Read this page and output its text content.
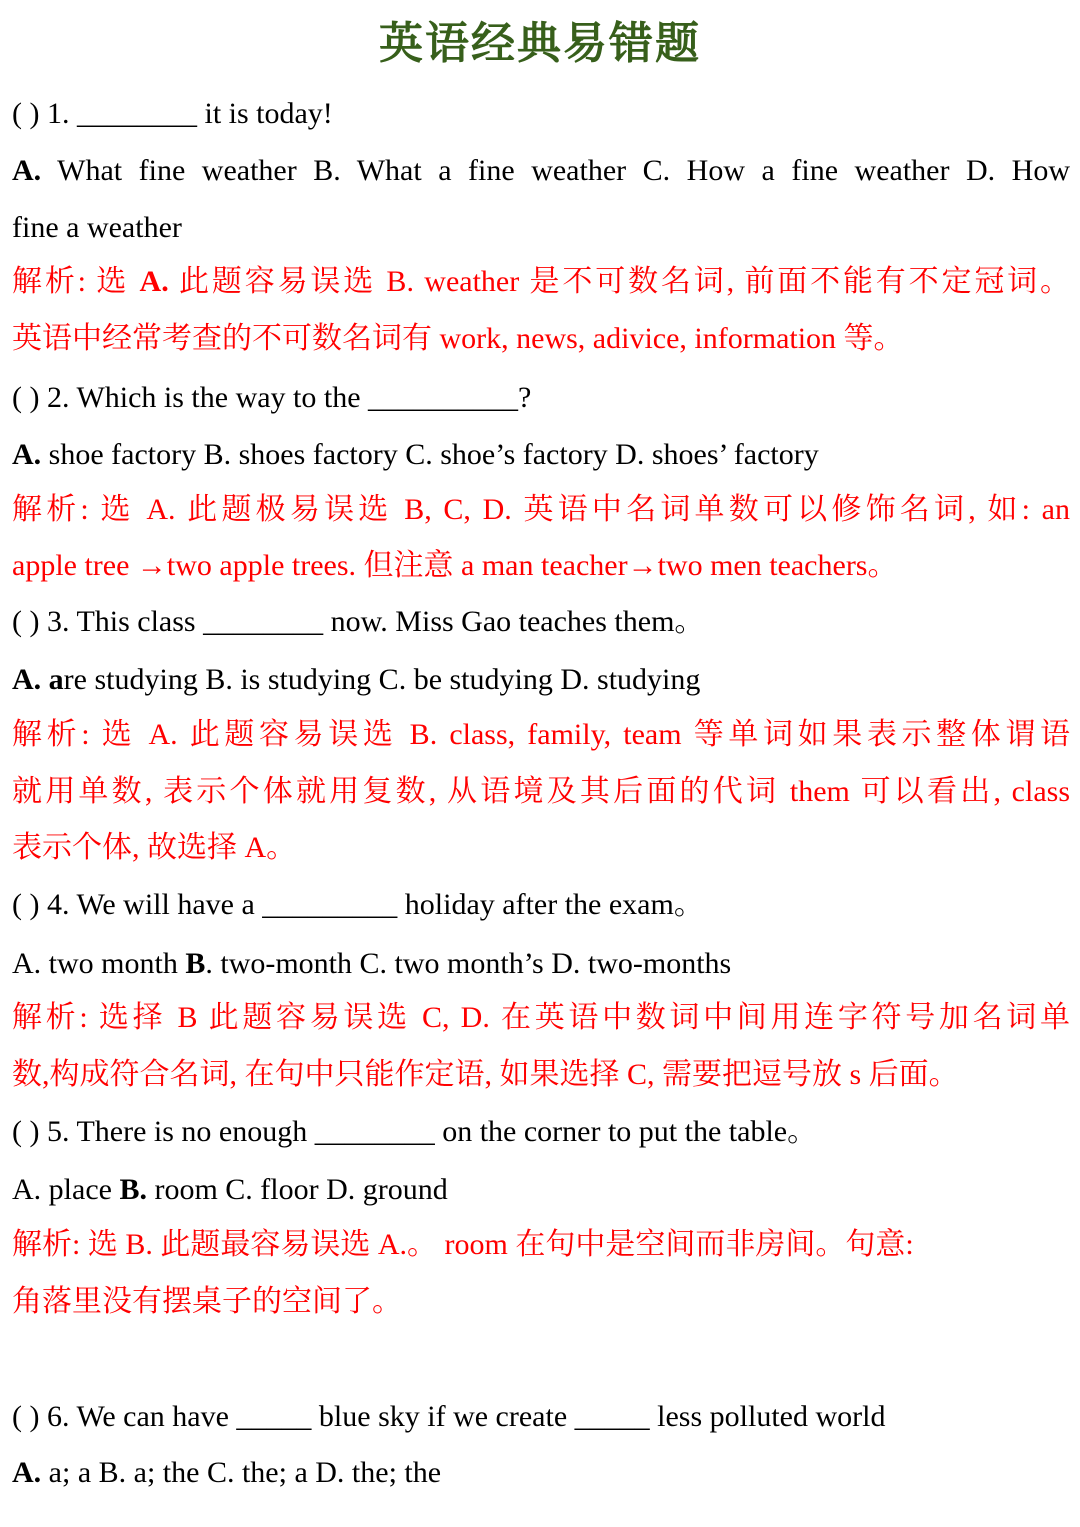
英语经典易错题
( ) 1. ________ it is today!
A. What fine weather B. What a fine weather C. How a fine weather D. How
fine a weather
解析: 选 A. 此题容易误选 B. weather 是不可数名词, 前面不能有不定冠词。
英语中经常考查的不可数名词有 work, news, adivice, information 等。
( ) 2. Which is the way to the __________?
A. shoe factory B. shoes factory C. shoe’s factory D. shoes’ factory
解析: 选 A. 此题极易误选 B, C, D. 英语中名词单数可以修饰名词, 如: an
apple tree →two apple trees. 但注意 a man teacher→two men teachers。
( ) 3. This class ________ now. Miss Gao teaches them。
A. are studying B. is studying C. be studying D. studying
解析: 选 A. 此题容易误选 B. class, family, team 等单词如果表示整体谓语
就用单数, 表示个体就用复数, 从语境及其后面的代词 them 可以看出, class
表示个体, 故选择 A。
( ) 4. We will have a _________ holiday after the exam。
A. two month B. two-month C. two month’s D. two-months
解析: 选择 B 此题容易误选 C, D. 在英语中数词中间用连字符号加名词单
数,构成符合名词, 在句中只能作定语, 如果选择 C, 需要把逗号放 s 后面。
( ) 5. There is no enough ________ on the corner to put the table。
A. place B. room C. floor D. ground
解析: 选 B. 此题最容易误选 A.。 room 在句中是空间而非房间。句意:
角落里没有摆桌子的空间了。
( ) 6. We can have _____ blue sky if we create _____ less polluted world
A. a; a B. a; the C. the; a D. the; the
